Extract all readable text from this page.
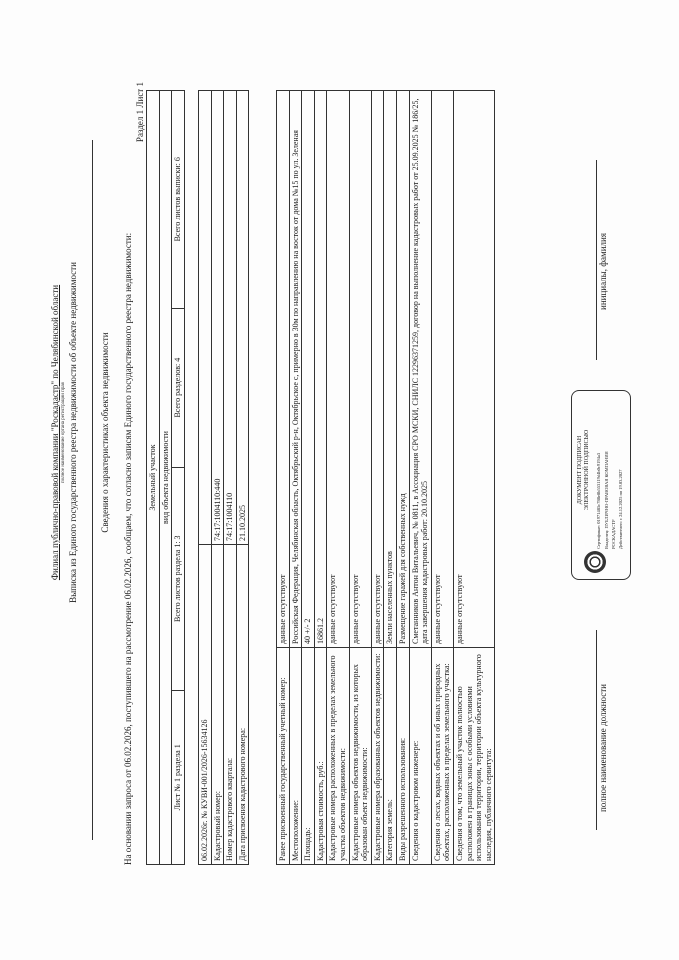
Филиал публично-правовой компании "Роскадастр" по Челябинской области полное наименование органа регистрации прав Выписка из Единого государственного реестра недвижимости об объекте недвижимости Сведения о характеристиках объекта недвижимости На основании запроса от 06.02.2026, поступившего на рассмотрение 06.02.2026, сообщаем, что согласно записям Единого государственного реестра недвижимости:
Раздел 1 Лист 1
Земельный участок
вид объекта недвижимости
Лист № 1 раздела 1	Всего листов раздела 1: 3	Всего разделов: 4	Всего листов выписки: 6
06.02.2026г. № КУВИ-001/2026-15634126	
Кадастровый номер:	74:17:1004110:440
Номер кадастрового квартала:	74:17:1004110
Дата присвоения кадастрового номера:	21.10.2025
Ранее присвоенный государственный учетный номер:	данные отсутствуют
Местоположение:	Российская Федерация, Челябинская область, Октябрьский р-н, Октябрьское с, примерно в 30м по направлению на восток от дома №15 по ул. Зеленая
Площадь:	40 +/- 2
Кадастровая стоимость, руб.:	16861.2
Кадастровые номера расположенных в пределах земельного участка объектов недвижимости:	данные отсутствуют
Кадастровые номера объектов недвижимости, из которых образован объект недвижимости:	данные отсутствуют
Кадастровые номера образованных объектов недвижимости:	данные отсутствуют
Категория земель:	Земли населенных пунктов
Виды разрешенного использования:	Размещение гаражей для собственных нужд
Сведения о кадастровом инженере:	Сметанников Антон Витальевич, № 0811, в Ассоциация СРО МСКИ, СНИЛС 12296371259, договор на выполнение кадастровых работ от 25.09.2025 № 186/25, дата завершения кадастровых работ: 20.10.2025
Сведения о лесах, водных объектах и об иных природных объектах, расположенных в пределах земельного участка:	данные отсутствуют
Сведения о том, что земельный участок полностью расположен в границах зоны с особыми условиями использования территории, территории объекта культурного наследия, публичного сервитута:	данные отсутствуют
ДОКУМЕНТ ПОДПИСАН ЭЛЕКТРОННОЙ ПОДПИСЬЮ Сертификат: 01971485c788e8b553119d4b0c9194a3 Владелец: ПУБЛИЧНО-ПРАВОВАЯ КОМПАНИЯ РОСКАДАСТР Действителен: с 24.12.2025 по 19.03.2027
полное наименование должности
инициалы, фамилия
